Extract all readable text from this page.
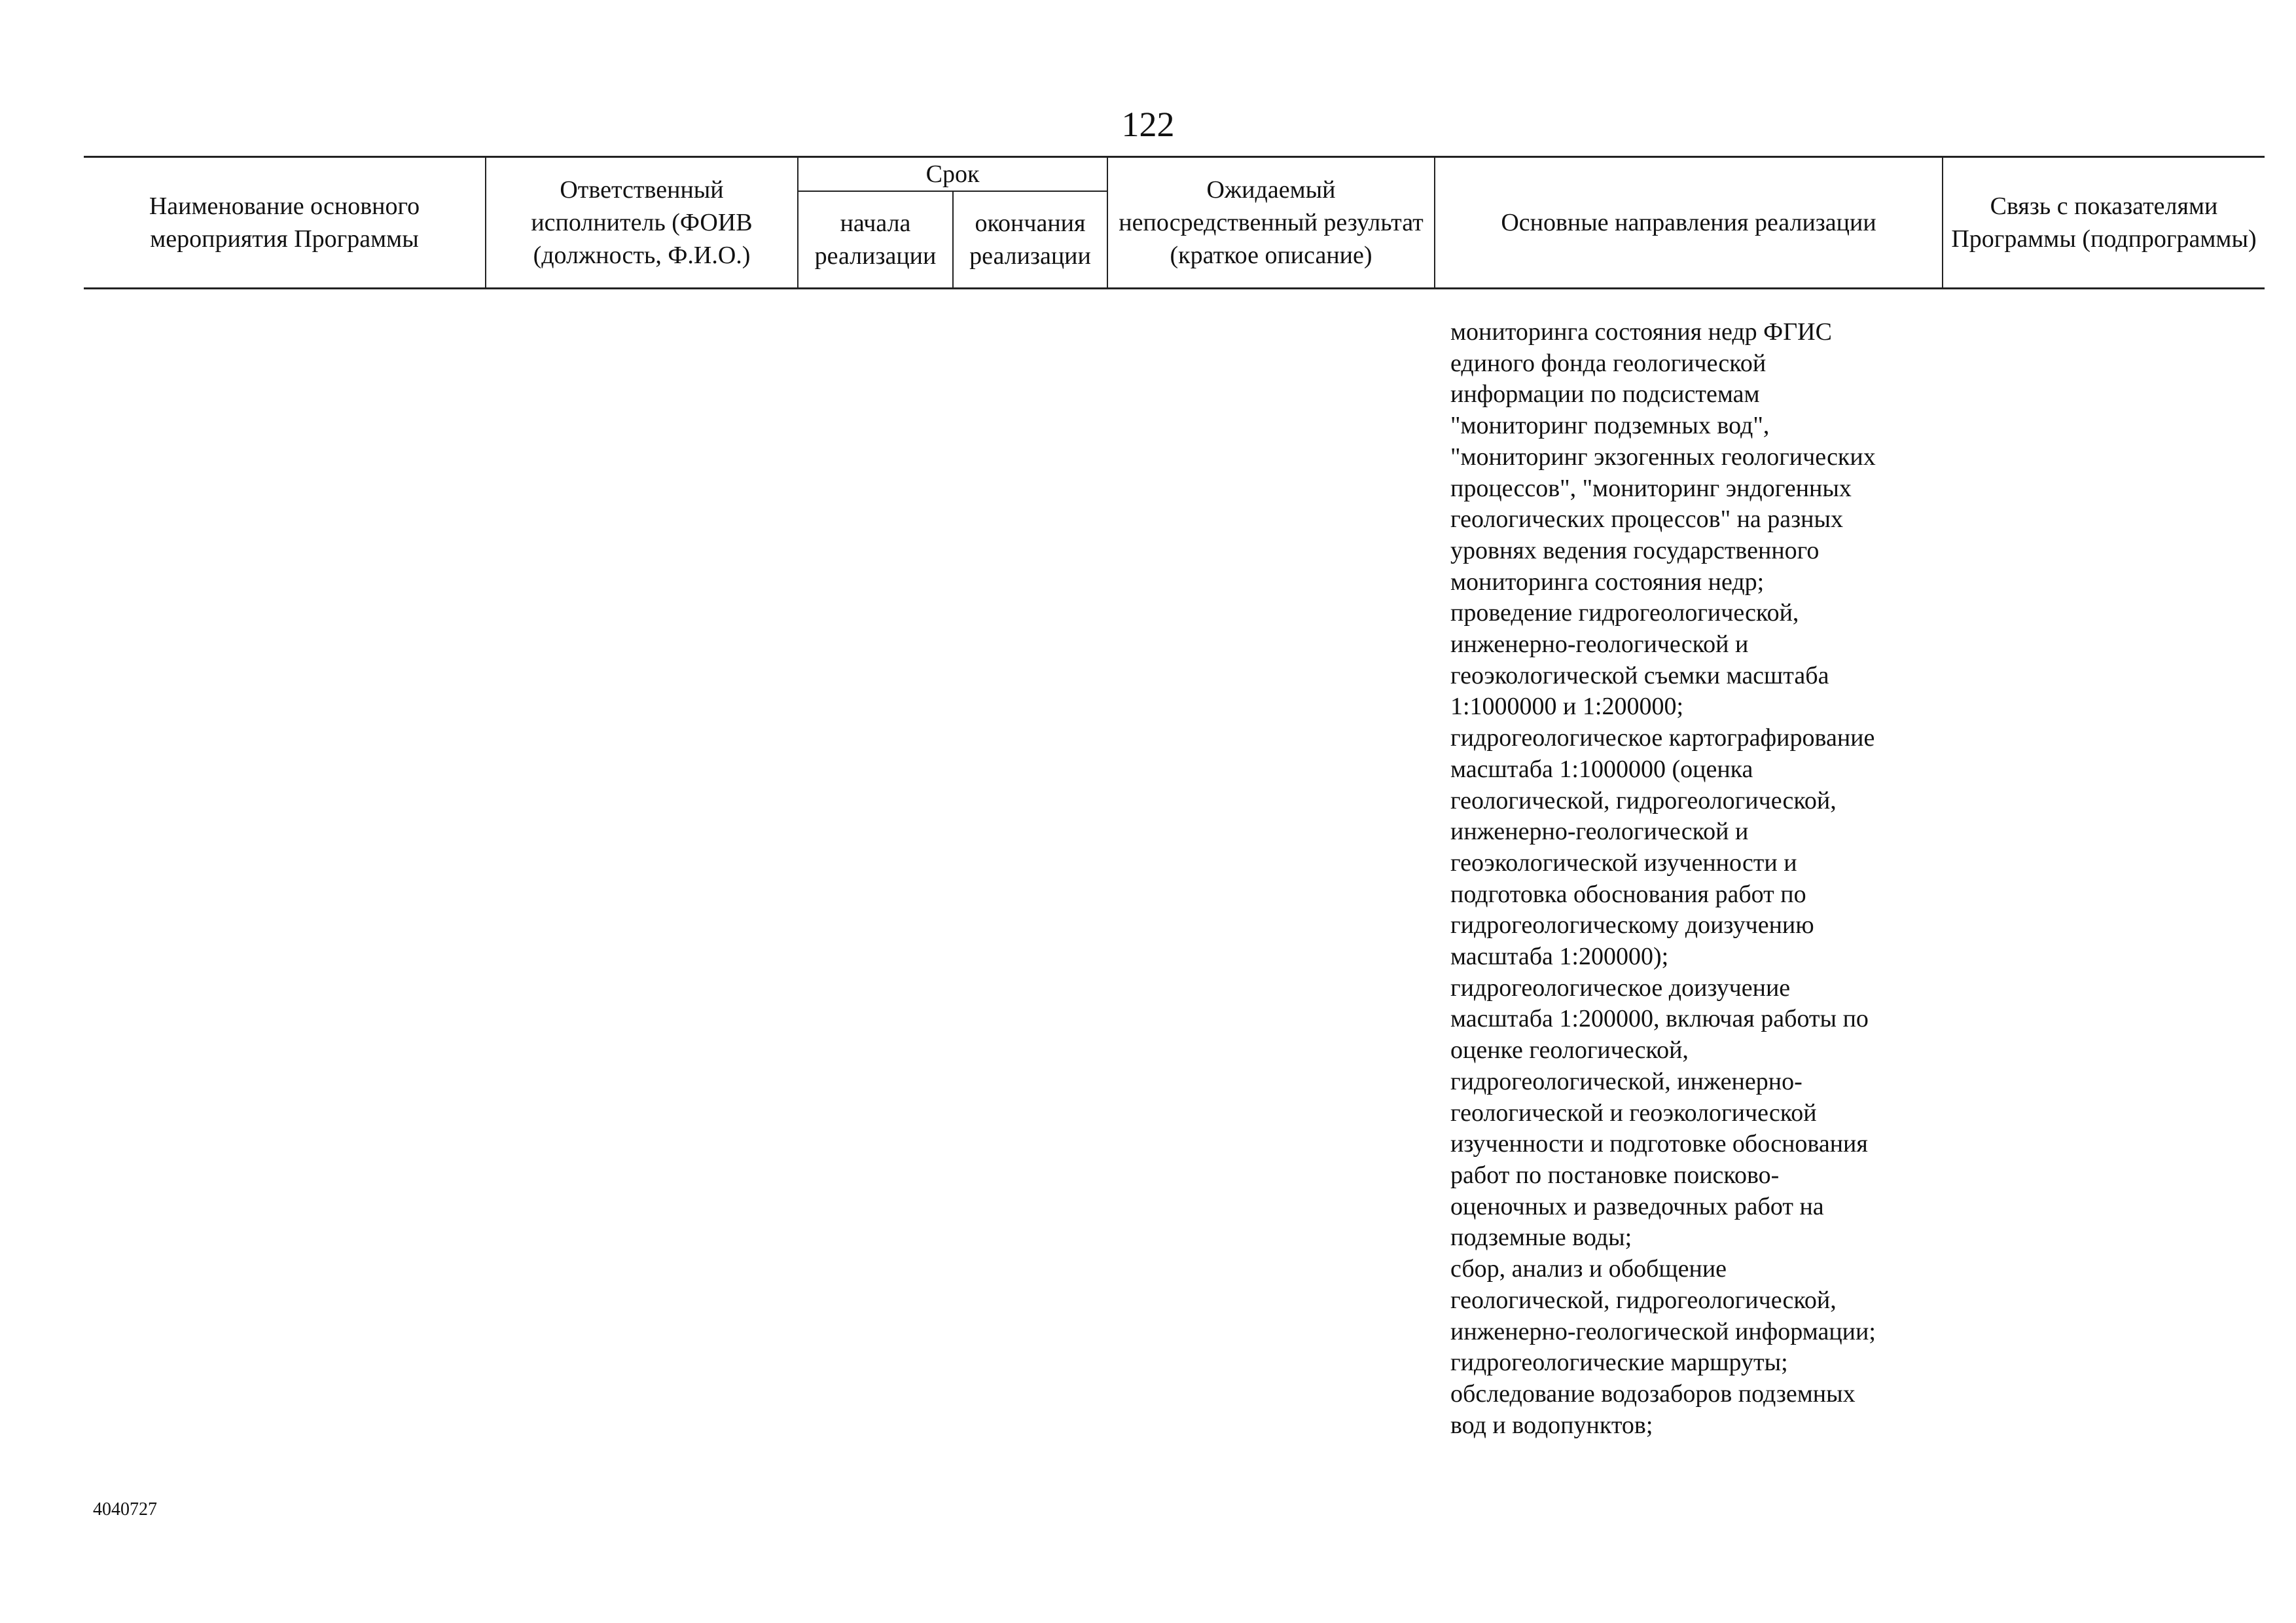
122
Наименование основного мероприятия Программы	Ответственный исполнитель (ФОИВ (должность, Ф.И.О.)	Срок		Ожидаемый непосредственный результат (краткое описание)	Основные направления реализации	Связь с показателями Программы (подпрограммы)
		начала реализации	окончания реализации			
мониторинга состояния недр ФГИС
единого фонда геологической
информации по подсистемам
"мониторинг подземных вод",
"мониторинг экзогенных геологических
процессов", "мониторинг эндогенных
геологических процессов" на разных
уровнях ведения государственного
мониторинга состояния недр;
проведение гидрогеологической,
инженерно-геологической и
геоэкологической съемки масштаба
1:1000000 и 1:200000;
гидрогеологическое картографирование
масштаба 1:1000000 (оценка
геологической, гидрогеологической,
инженерно-геологической и
геоэкологической изученности и
подготовка обоснования работ по
гидрогеологическому доизучению
масштаба 1:200000);
гидрогеологическое доизучение
масштаба 1:200000, включая работы по
оценке геологической,
гидрогеологической, инженерно-
геологической и геоэкологической
изученности и подготовке обоснования
работ по постановке поисково-
оценочных и разведочных работ на
подземные воды;
сбор, анализ и обобщение
геологической, гидрогеологической,
инженерно-геологической информации;
гидрогеологические маршруты;
обследование водозаборов подземных
вод и водопунктов;
4040727
